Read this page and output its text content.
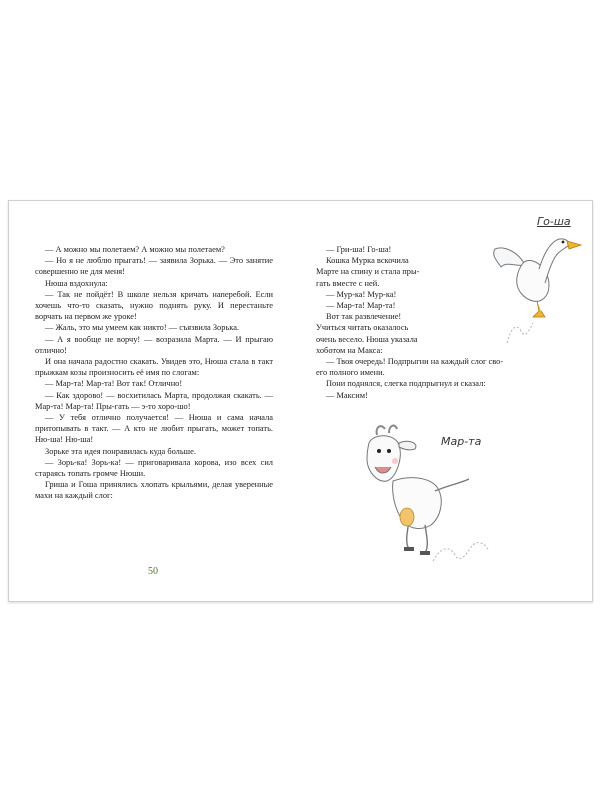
— А можно мы полетаем? А можно мы полетаем?

— Но я не люблю прыгать! — заявила Зорька. — Это занятие совершенно не для меня!

Нюша вздохнула:

— Так не пойдёт! В школе нельзя кричать наперебой. Если хочешь что-то сказать, нужно поднять руку. И перестаньте ворчать на первом же уроке!

— Жаль, это мы умеем как никто! — съязвила Зорька.

— А я вообще не ворчу! — возразила Марта. — И прыгаю отлично!

И она начала радостно скакать. Увидев это, Нюша стала в такт прыжкам козы произносить её имя по слогам:

— Мар-та! Мар-та! Вот так! Отлично!

— Как здорово! — восхитилась Марта, продолжая скакать. — Мар-та! Мар-та! Пры-гать — э-то хоро-шо!

— У тебя отлично получается! — Нюша и сама начала притопывать в такт. — А кто не любит прыгать, может топать. Ню-ша! Ню-ша!

Зорьке эта идея понравилась куда больше.

— Зорь-ка! Зорь-ка! — приговаривала корова, изо всех сил стараясь топать громче Нюши.

Гриша и Гоша принялись хлопать крыльями, делая уверенные махи на каждый слог:

50

— Гри-ша! Го-ша!

Кошка Мурка вскочила

Марте на спину и стала пры-

гать вместе с ней.

— Мур-ка! Мур-ка!

— Мар-та! Мар-та!

Вот так развлечение!

Учиться читать оказалось

очень весело. Нюша указала

хоботом на Макса:

— Твоя очередь! Подпрыгни на каждый слог сво-

его полного имени.

Пони поднялся, слегка подпрыгнул и сказал:

— Максим!

Го-ша
Мар-та
